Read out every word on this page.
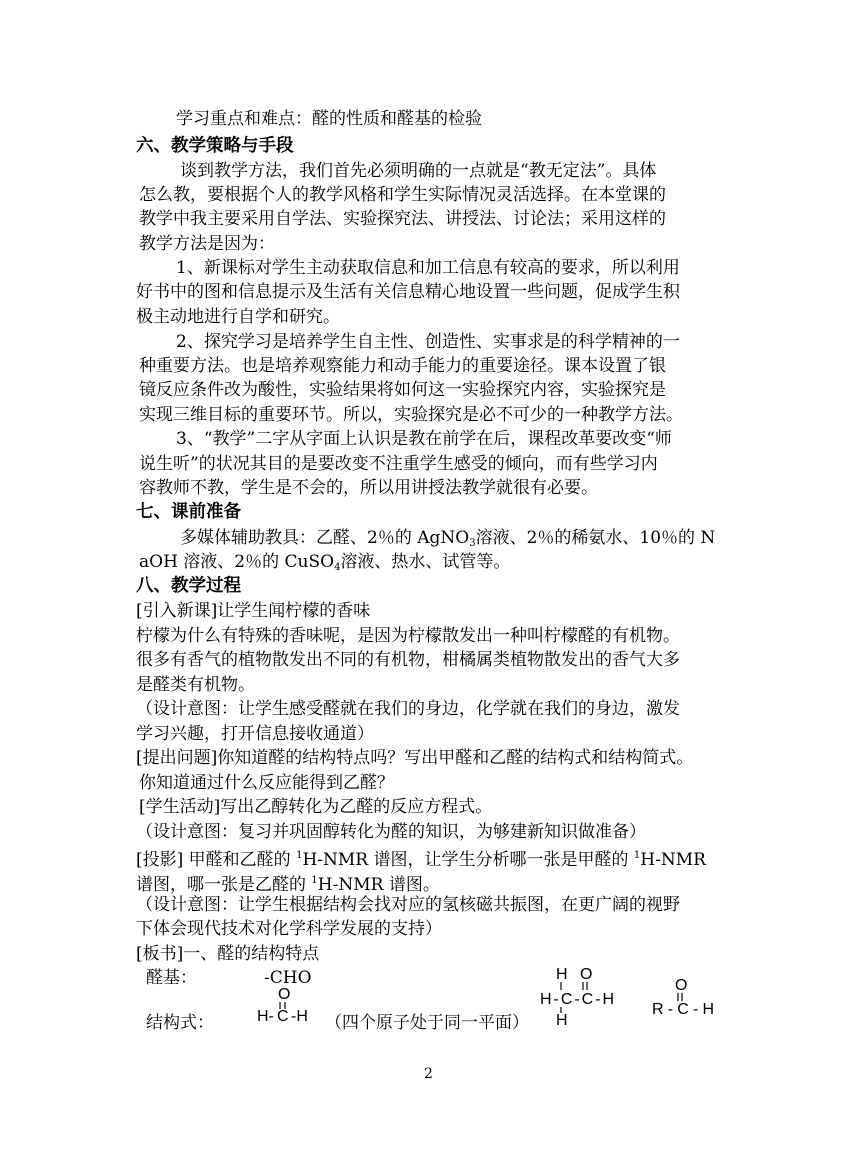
学习重点和难点：醛的性质和醛基的检验
六、教学策略与手段
谈到教学方法，我们首先必须明确的一点就是“教无定法”。具体
怎么教，要根据个人的教学风格和学生实际情况灵活选择。在本堂课的
教学中我主要采用自学法、实验探究法、讲授法、讨论法；采用这样的
教学方法是因为：
1、新课标对学生主动获取信息和加工信息有较高的要求，所以利用
好书中的图和信息提示及生活有关信息精心地设置一些问题，促成学生积
极主动地进行自学和研究。
2、探究学习是培养学生自主性、创造性、实事求是的科学精神的一
种重要方法。也是培养观察能力和动手能力的重要途径。课本设置了银
镜反应条件改为酸性，实验结果将如何这一实验探究内容，实验探究是
实现三维目标的重要环节。所以，实验探究是必不可少的一种教学方法。
3、“教学”二字从字面上认识是教在前学在后，课程改革要改变“师
说生听”的状况其目的是要改变不注重学生感受的倾向，而有些学习内
容教师不教，学生是不会的，所以用讲授法教学就很有必要。
七、课前准备
多媒体辅助教具：乙醛、2％的 AgNO3溶液、2％的稀氨水、10％的 N
aOH 溶液、2％的 CuSO4溶液、热水、试管等。
八、教学过程
[引入新课]让学生闻柠檬的香味
柠檬为什么有特殊的香味呢，是因为柠檬散发出一种叫柠檬醛的有机物。
很多有香气的植物散发出不同的有机物，柑橘属类植物散发出的香气大多
是醛类有机物。
（设计意图：让学生感受醛就在我们的身边，化学就在我们的身边，激发
学习兴趣，打开信息接收通道）
[提出问题]你知道醛的结构特点吗？写出甲醛和乙醛的结构式和结构简式。
你知道通过什么反应能得到乙醛？
[学生活动]写出乙醇转化为乙醛的反应方程式。
（设计意图：复习并巩固醇转化为醛的知识，为够建新知识做准备）
[投影] 甲醛和乙醛的 $^1$H-NMR 谱图，让学生分析哪一张是甲醛的 $^1$H-NMR
谱图，哪一张是乙醛的 $^1$H-NMR 谱图。
（设计意图：让学生根据结构会找对应的氢核磁共振图，在更广阔的视野
下体会现代技术对化学科学发展的支持）
[板书]一、醛的结构特点
醛基：	-CHO
结构式：	（四个原子处于同一平面）
O
H- C -H
H O
H-C-C-H
H
O
R-C-H
2
